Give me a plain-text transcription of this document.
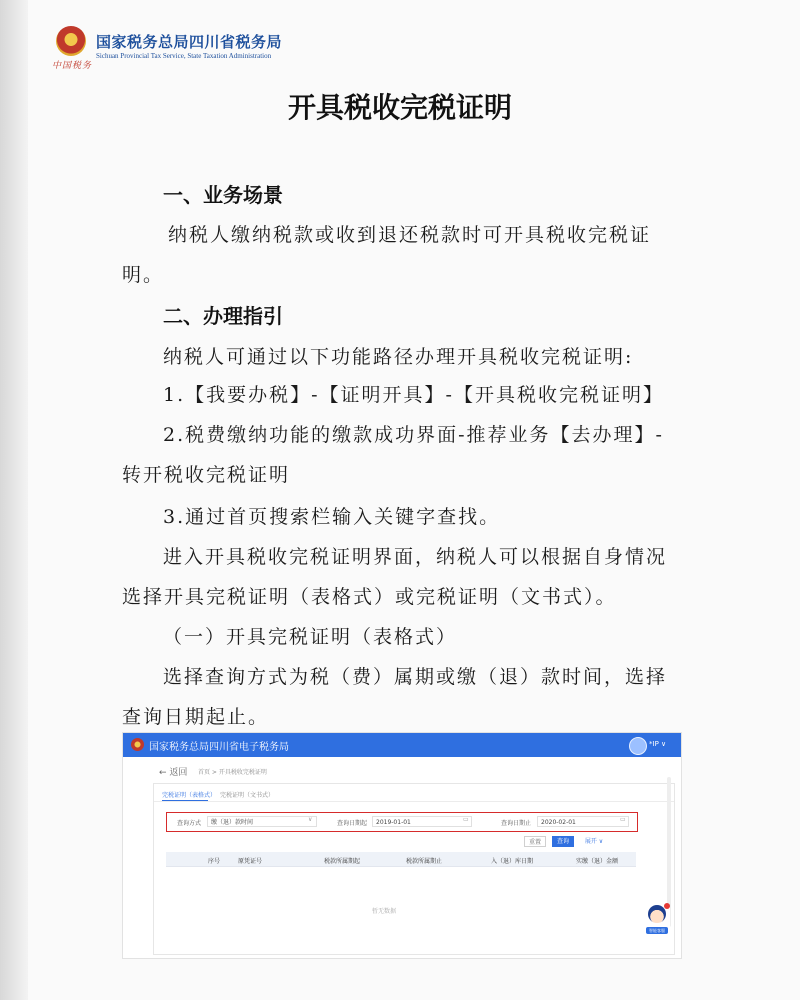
中国税务
国家税务总局四川省税务局
Sichuan Provincial Tax Service, State Taxation Administration
开具税收完税证明
一、业务场景
纳税人缴纳税款或收到退还税款时可开具税收完税证
明。
二、办理指引
纳税人可通过以下功能路径办理开具税收完税证明:
1.【我要办税】-【证明开具】-【开具税收完税证明】
2.税费缴纳功能的缴款成功界面-推荐业务【去办理】-
转开税收完税证明
3.通过首页搜索栏输入关键字查找。
进入开具税收完税证明界面，纳税人可以根据自身情况
选择开具完税证明（表格式）或完税证明（文书式）。
（一）开具完税证明（表格式）
选择查询方式为税（费）属期或缴（退）款时间，选择
查询日期起止。
国家税务总局四川省电子税务局	*IP ∨
← 返回 首页 > 开具税收完税证明
完税证明（表格式） 完税证明（文书式）
查询方式	缴（退）款时间	∨
查询日期起	2019-01-01	▭
查询日期止	2020-02-01	▭
重置	查询	展开 ∨
序号	原凭证号	税款所属期起	税款所属期止	入（退）库日期	实缴（退）金额
暂无数据
智能客服
